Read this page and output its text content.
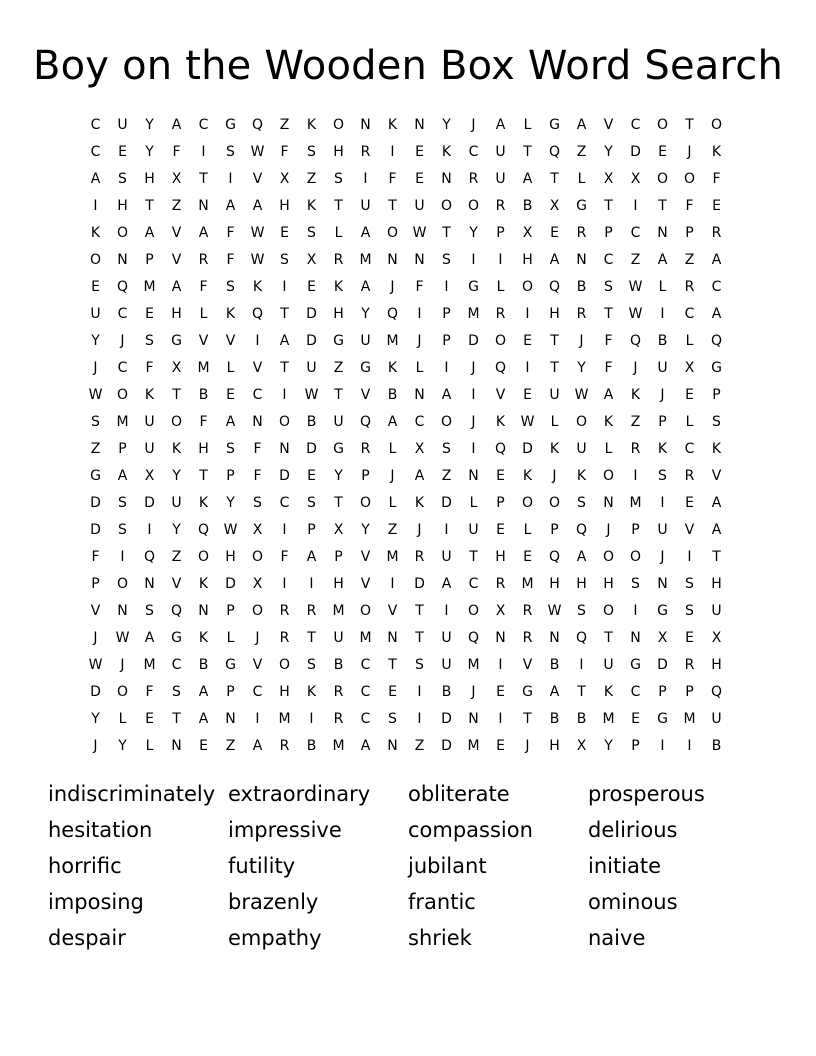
Boy on the Wooden Box Word Search
C	U	Y	A	C	G	Q	Z	K	O	N	K	N	Y	J	A	L	G	A	V	C	O	T	O
C	E	Y	F	I	S	W	F	S	H	R	I	E	K	C	U	T	Q	Z	Y	D	E	J	K
A	S	H	X	T	I	V	X	Z	S	I	F	E	N	R	U	A	T	L	X	X	O	O	F
I	H	T	Z	N	A	A	H	K	T	U	T	U	O	O	R	B	X	G	T	I	T	F	E
K	O	A	V	A	F	W	E	S	L	A	O	W	T	Y	P	X	E	R	P	C	N	P	R
O	N	P	V	R	F	W	S	X	R	M	N	N	S	I	I	H	A	N	C	Z	A	Z	A
E	Q	M	A	F	S	K	I	E	K	A	J	F	I	G	L	O	Q	B	S	W	L	R	C
U	C	E	H	L	K	Q	T	D	H	Y	Q	I	P	M	R	I	H	R	T	W	I	C	A
Y	J	S	G	V	V	I	A	D	G	U	M	J	P	D	O	E	T	J	F	Q	B	L	Q
J	C	F	X	M	L	V	T	U	Z	G	K	L	I	J	Q	I	T	Y	F	J	U	X	G
W	O	K	T	B	E	C	I	W	T	V	B	N	A	I	V	E	U	W	A	K	J	E	P
S	M	U	O	F	A	N	O	B	U	Q	A	C	O	J	K	W	L	O	K	Z	P	L	S
Z	P	U	K	H	S	F	N	D	G	R	L	X	S	I	Q	D	K	U	L	R	K	C	K
G	A	X	Y	T	P	F	D	E	Y	P	J	A	Z	N	E	K	J	K	O	I	S	R	V
D	S	D	U	K	Y	S	C	S	T	O	L	K	D	L	P	O	O	S	N	M	I	E	A
D	S	I	Y	Q	W	X	I	P	X	Y	Z	J	I	U	E	L	P	Q	J	P	U	V	A
F	I	Q	Z	O	H	O	F	A	P	V	M	R	U	T	H	E	Q	A	O	O	J	I	T
P	O	N	V	K	D	X	I	I	H	V	I	D	A	C	R	M	H	H	H	S	N	S	H
V	N	S	Q	N	P	O	R	R	M	O	V	T	I	O	X	R	W	S	O	I	G	S	U
J	W	A	G	K	L	J	R	T	U	M	N	T	U	Q	N	R	N	Q	T	N	X	E	X
W	J	M	C	B	G	V	O	S	B	C	T	S	U	M	I	V	B	I	U	G	D	R	H
D	O	F	S	A	P	C	H	K	R	C	E	I	B	J	E	G	A	T	K	C	P	P	Q
Y	L	E	T	A	N	I	M	I	R	C	S	I	D	N	I	T	B	B	M	E	G	M	U
J	Y	L	N	E	Z	A	R	B	M	A	N	Z	D	M	E	J	H	X	Y	P	I	I	B
indiscriminately
hesitation
horrific
imposing
despair
extraordinary
impressive
futility
brazenly
empathy
obliterate
compassion
jubilant
frantic
shriek
prosperous
delirious
initiate
ominous
naive
